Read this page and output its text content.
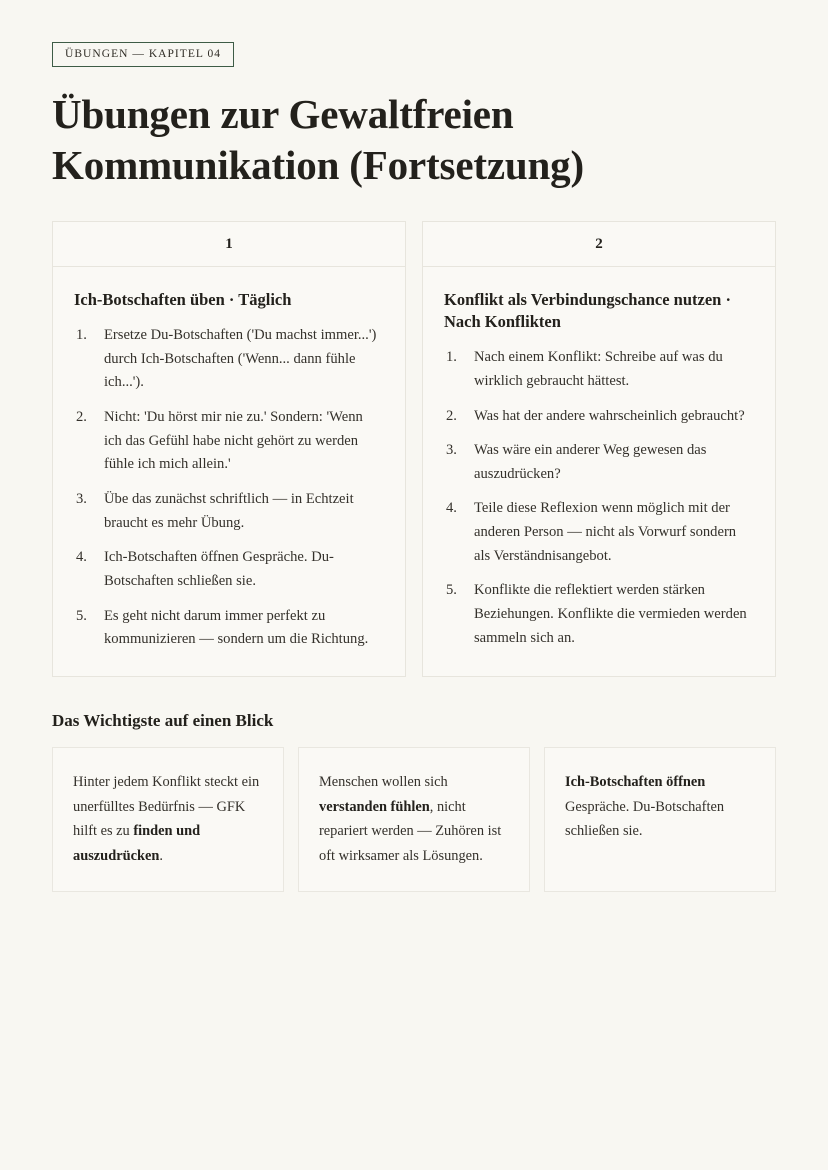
ÜBUNGEN — KAPITEL 04
Übungen zur Gewaltfreien Kommunikation (Fortsetzung)
1
Ich-Botschaften üben · Täglich
Ersetze Du-Botschaften ('Du machst immer...') durch Ich-Botschaften ('Wenn... dann fühle ich...').
Nicht: 'Du hörst mir nie zu.' Sondern: 'Wenn ich das Gefühl habe nicht gehört zu werden fühle ich mich allein.'
Übe das zunächst schriftlich — in Echtzeit braucht es mehr Übung.
Ich-Botschaften öffnen Gespräche. Du-Botschaften schließen sie.
Es geht nicht darum immer perfekt zu kommunizieren — sondern um die Richtung.
2
Konflikt als Verbindungschance nutzen · Nach Konflikten
Nach einem Konflikt: Schreibe auf was du wirklich gebraucht hättest.
Was hat der andere wahrscheinlich gebraucht?
Was wäre ein anderer Weg gewesen das auszudrücken?
Teile diese Reflexion wenn möglich mit der anderen Person — nicht als Vorwurf sondern als Verständnisangebot.
Konflikte die reflektiert werden stärken Beziehungen. Konflikte die vermieden werden sammeln sich an.
Das Wichtigste auf einen Blick
Hinter jedem Konflikt steckt ein unerfülltes Bedürfnis — GFK hilft es zu finden und auszudrücken.
Menschen wollen sich verstanden fühlen, nicht repariert werden — Zuhören ist oft wirksamer als Lösungen.
Ich-Botschaften öffnen Gespräche. Du-Botschaften schließen sie.
